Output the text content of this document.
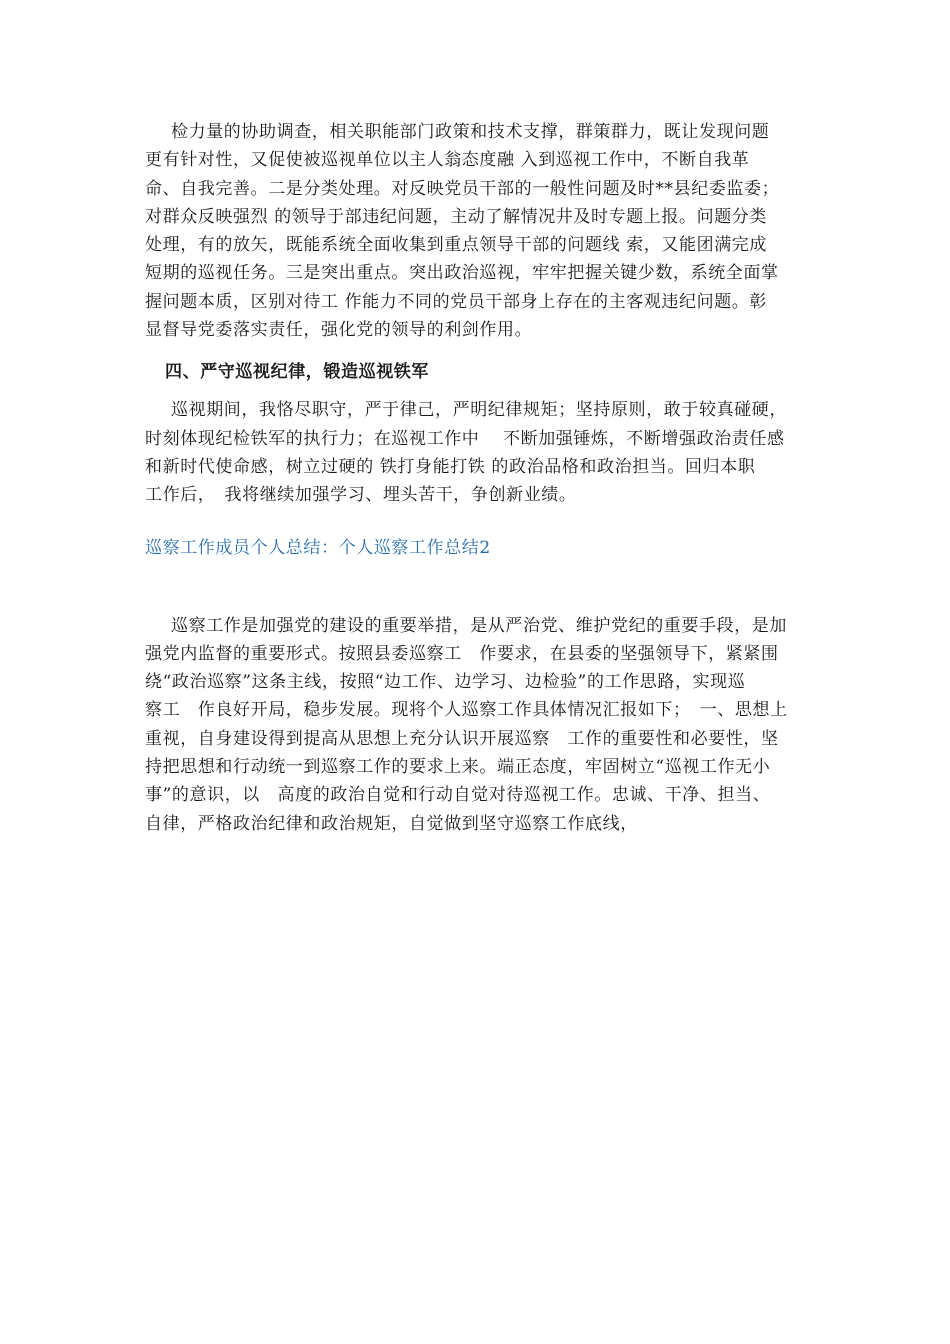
检力量的协助调查，相关职能部门政策和技术支撑，群策群力，既让发现问题
更有针对性，又促使被巡视单位以主人翁态度融 入到巡视工作中，不断自我革
命、自我完善。二是分类处理。对反映党员干部的一般性问题及时**县纪委监委；
对群众反映强烈 的领导于部违纪问题，主动了解情况井及时专题上报。问题分类
处理，有的放矢，既能系统全面收集到重点领导干部的问题线 索，又能团满完成
短期的巡视任务。三是突出重点。突出政治巡视，牢牢把握关键少数，系统全面掌
握问题本质，区别对待工 作能力不同的党员干部身上存在的主客观违纪问题。彰
显督导党委落实责任，强化党的领导的利剑作用。
四、严守巡视纪律，锻造巡视铁军
巡视期间，我恪尽职守，严于律己，严明纪律规矩；坚持原则，敢于较真碰硬，
时刻体现纪检铁军的执行力；在巡视工作中　 不断加强锤炼，不断增强政治责任感
和新时代使命感，树立过硬的 铁打身能打铁 的政治品格和政治担当。回归本职
工作后，　我将继续加强学习、埋头苦干，争创新业绩。
巡察工作成员个人总结：个人巡察工作总结2
巡察工作是加强党的建设的重要举措，是从严治党、维护党纪的重要手段，是加
强党内监督的重要形式。按照县委巡察工　作要求，在县委的坚强领导下，紧紧围
绕“政治巡察”这条主线，按照“边工作、边学习、边检验”的工作思路，实现巡
察工　作良好开局，稳步发展。现将个人巡察工作具体情况汇报如下；　一、思想上
重视，自身建设得到提高从思想上充分认识开展巡察　工作的重要性和必要性，坚
持把思想和行动统一到巡察工作的要求上来。端正态度，牢固树立“巡视工作无小
事”的意识，以　高度的政治自觉和行动自觉对待巡视工作。忠诚、干净、担当、
自律，严格政治纪律和政治规矩，自觉做到坚守巡察工作底线，
